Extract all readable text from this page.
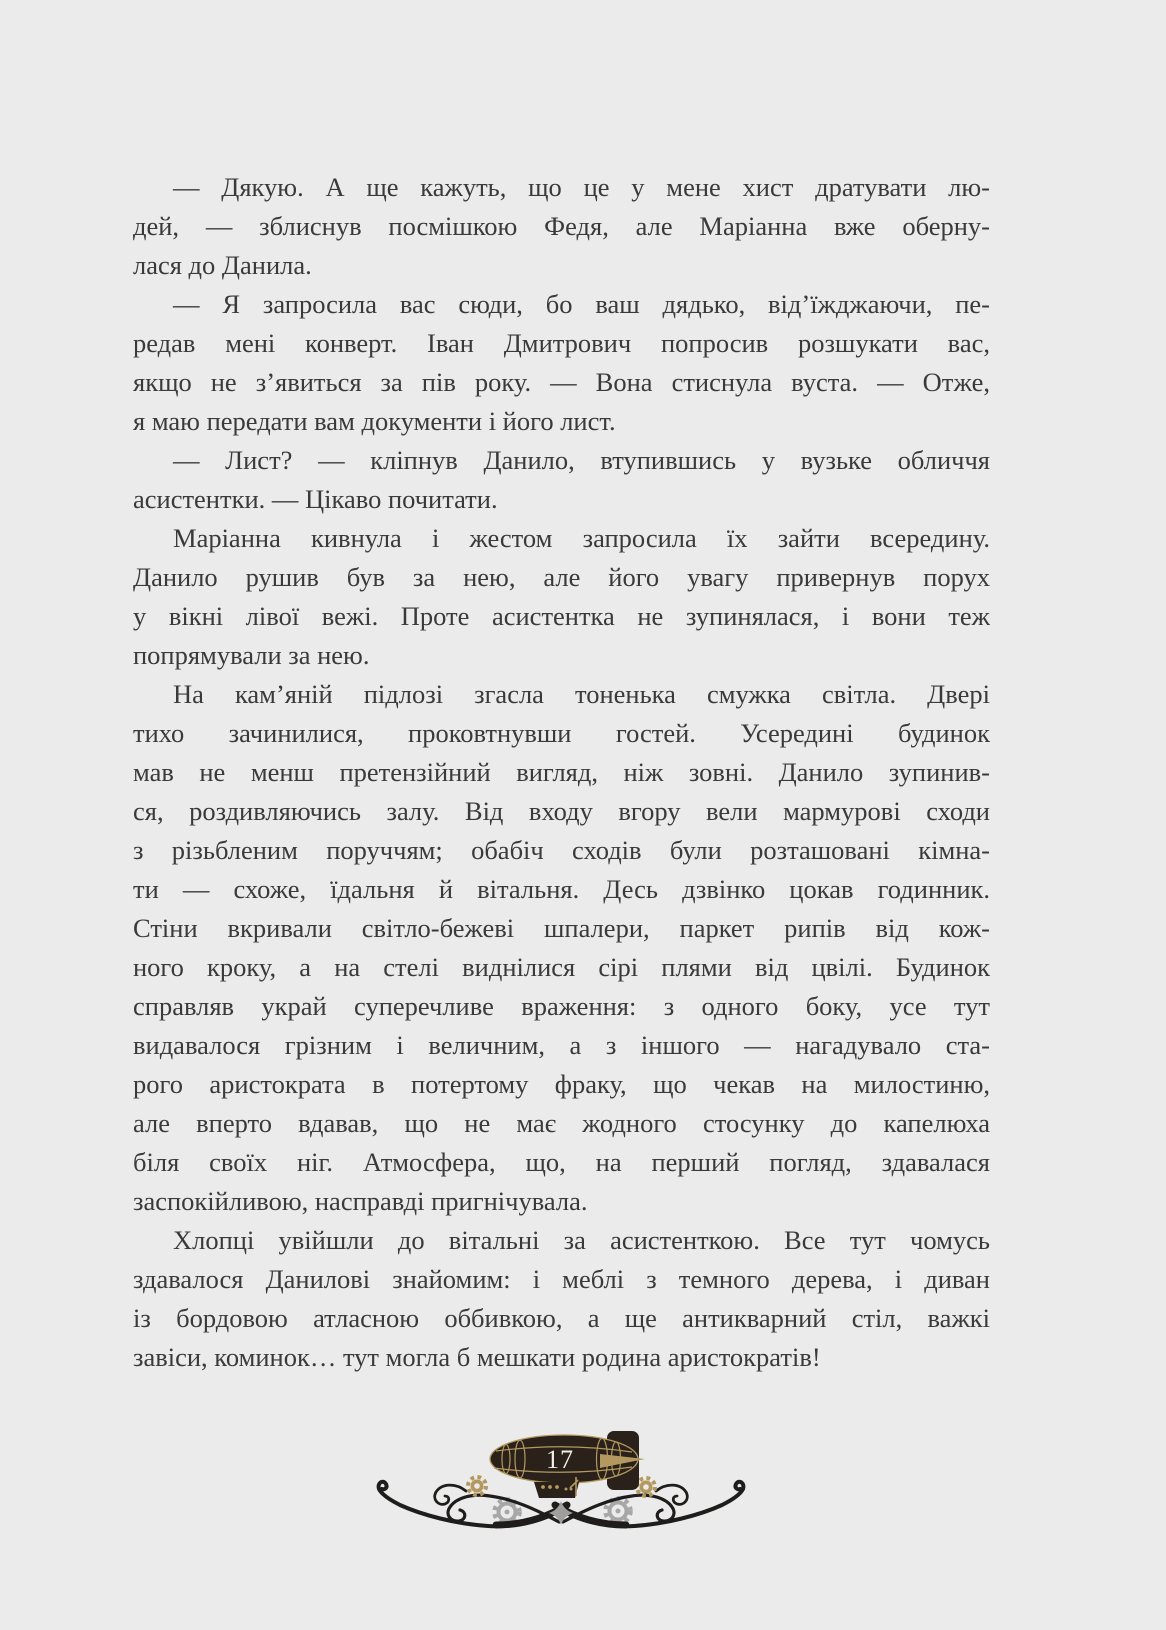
— Дякую. А ще кажуть, що це у мене хист дратувати лю-
дей, — зблиснув посмішкою Федя, але Маріанна вже оберну-
лася до Данила.
— Я запросила вас сюди, бо ваш дядько, від’їжджаючи, пе-
редав мені конверт. Іван Дмитрович попросив розшукати вас,
якщо не з’явиться за пів року. — Вона стиснула вуста. — Отже,
я маю передати вам документи і його лист.
— Лист? — кліпнув Данило, втупившись у вузьке обличчя
асистентки. — Цікаво почитати.
Маріанна кивнула і жестом запросила їх зайти всередину.
Данило рушив був за нею, але його увагу привернув порух
у вікні лівої вежі. Проте асистентка не зупинялася, і вони теж
попрямували за нею.
На кам’яній підлозі згасла тоненька смужка світла. Двері
тихо зачинилися, проковтнувши гостей. Усередині будинок
мав не менш претензійний вигляд, ніж зовні. Данило зупинив-
ся, роздивляючись залу. Від входу вгору вели мармурові сходи
з різьбленим поруччям; обабіч сходів були розташовані кімна-
ти — схоже, їдальня й вітальня. Десь дзвінко цокав годинник.
Стіни вкривали світло-бежеві шпалери, паркет рипів від кож-
ного кроку, а на стелі виднілися сірі плями від цвілі. Будинок
справляв украй суперечливе враження: з одного боку, усе тут
видавалося грізним і величним, а з іншого — нагадувало ста-
рого аристократа в потертому фраку, що чекав на милостиню,
але вперто вдавав, що не має жодного стосунку до капелюха
біля своїх ніг. Атмосфера, що, на перший погляд, здавалася
заспокійливою, насправді пригнічувала.
Хлопці увійшли до вітальні за асистенткою. Все тут чомусь
здавалося Данилові знайомим: і меблі з темного дерева, і диван
із бордовою атласною оббивкою, а ще антикварний стіл, важкі
завіси, коминок… тут могла б мешкати родина аристократів!
17
